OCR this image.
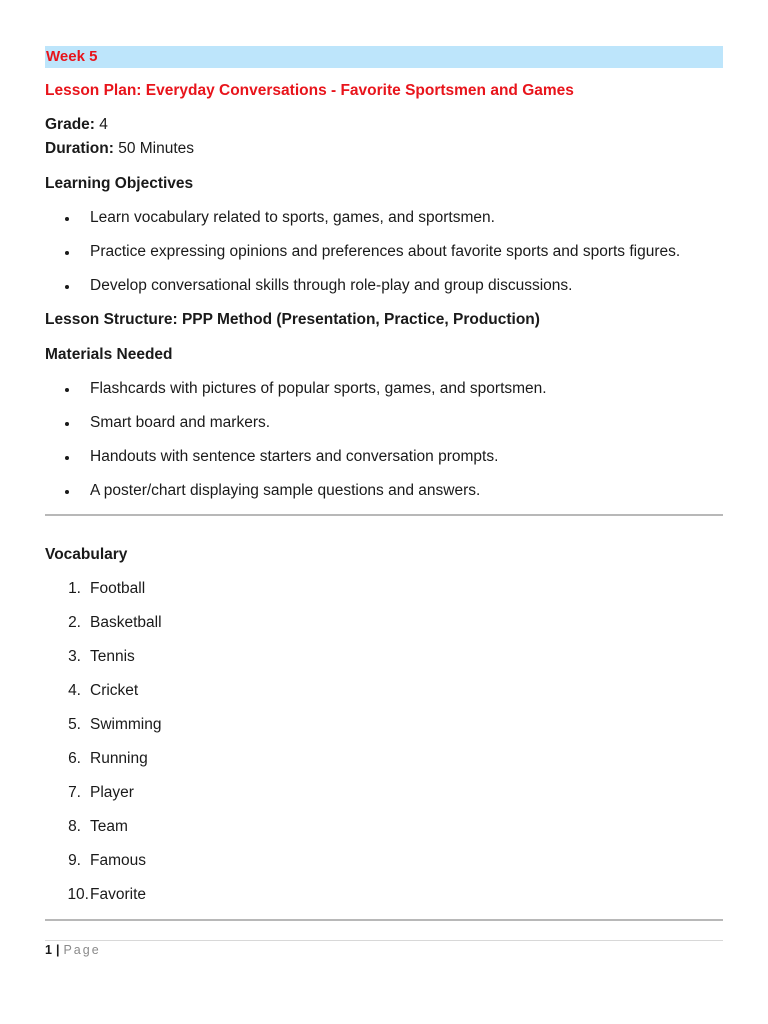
Week 5
Lesson Plan: Everyday Conversations - Favorite Sportsmen and Games
Grade: 4
Duration: 50 Minutes
Learning Objectives
Learn vocabulary related to sports, games, and sportsmen.
Practice expressing opinions and preferences about favorite sports and sports figures.
Develop conversational skills through role-play and group discussions.
Lesson Structure: PPP Method (Presentation, Practice, Production)
Materials Needed
Flashcards with pictures of popular sports, games, and sportsmen.
Smart board and markers.
Handouts with sentence starters and conversation prompts.
A poster/chart displaying sample questions and answers.
Vocabulary
1. Football
2. Basketball
3. Tennis
4. Cricket
5. Swimming
6. Running
7. Player
8. Team
9. Famous
10. Favorite
1 | Page
